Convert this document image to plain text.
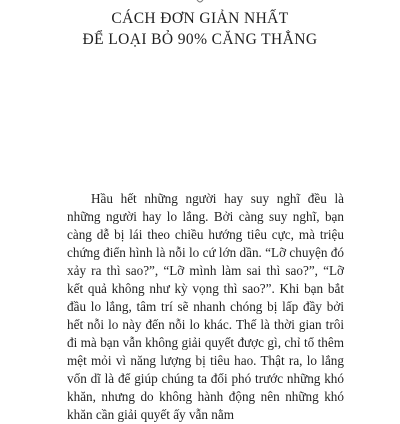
CÁCH ĐƠN GIẢN NHẤT
ĐỂ LOẠI BỎ 90% CĂNG THẲNG

Hầu hết những người hay suy nghĩ đều là những người hay lo lắng. Bởi càng suy nghĩ, bạn càng dễ bị lái theo chiều hướng tiêu cực, mà triệu chứng điển hình là nỗi lo cứ lớn dần. “Lỡ chuyện đó xảy ra thì sao?”, “Lỡ mình làm sai thì sao?”, “Lỡ kết quả không như kỳ vọng thì sao?”. Khi bạn bắt đầu lo lắng, tâm trí sẽ nhanh chóng bị lấp đầy bởi hết nỗi lo này đến nỗi lo khác. Thế là thời gian trôi đi mà bạn vẫn không giải quyết được gì, chỉ tổ thêm mệt mỏi vì năng lượng bị tiêu hao. Thật ra, lo lắng vốn dĩ là để giúp chúng ta đối phó trước những khó khăn, nhưng do không hành động nên những khó khăn cần giải quyết ấy vẫn nằm
